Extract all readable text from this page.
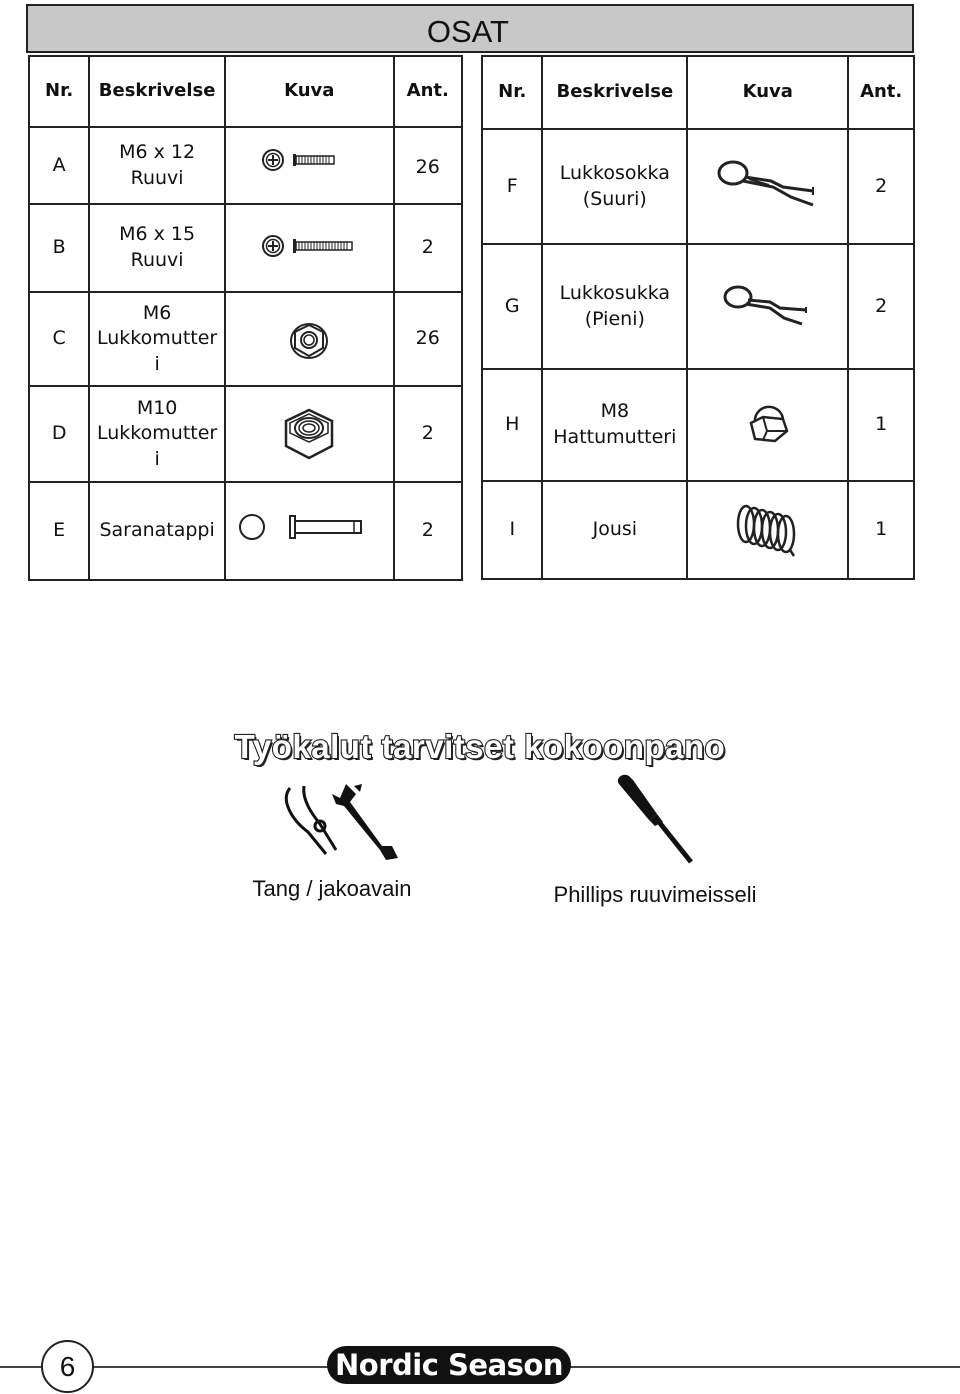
OSAT
Nr.	Beskrivelse	Kuva	Ant.
A	M6 x 12
Ruuvi		26
B	M6 x 15
Ruuvi		2
C	M6
Lukkomutter
i		26
D	M10
Lukkomutter
i		2
E	Saranatappi		2
Nr.	Beskrivelse	Kuva	Ant.
F	Lukkosokka
(Suuri)		2
G	Lukkosukka
(Pieni)		2
H	M8
Hattumutteri		1
I	Jousi		1
Työkalut tarvitset kokoonpano
Tang / jakoavain	Phillips ruuvimeisseli
6	Nordic Season
